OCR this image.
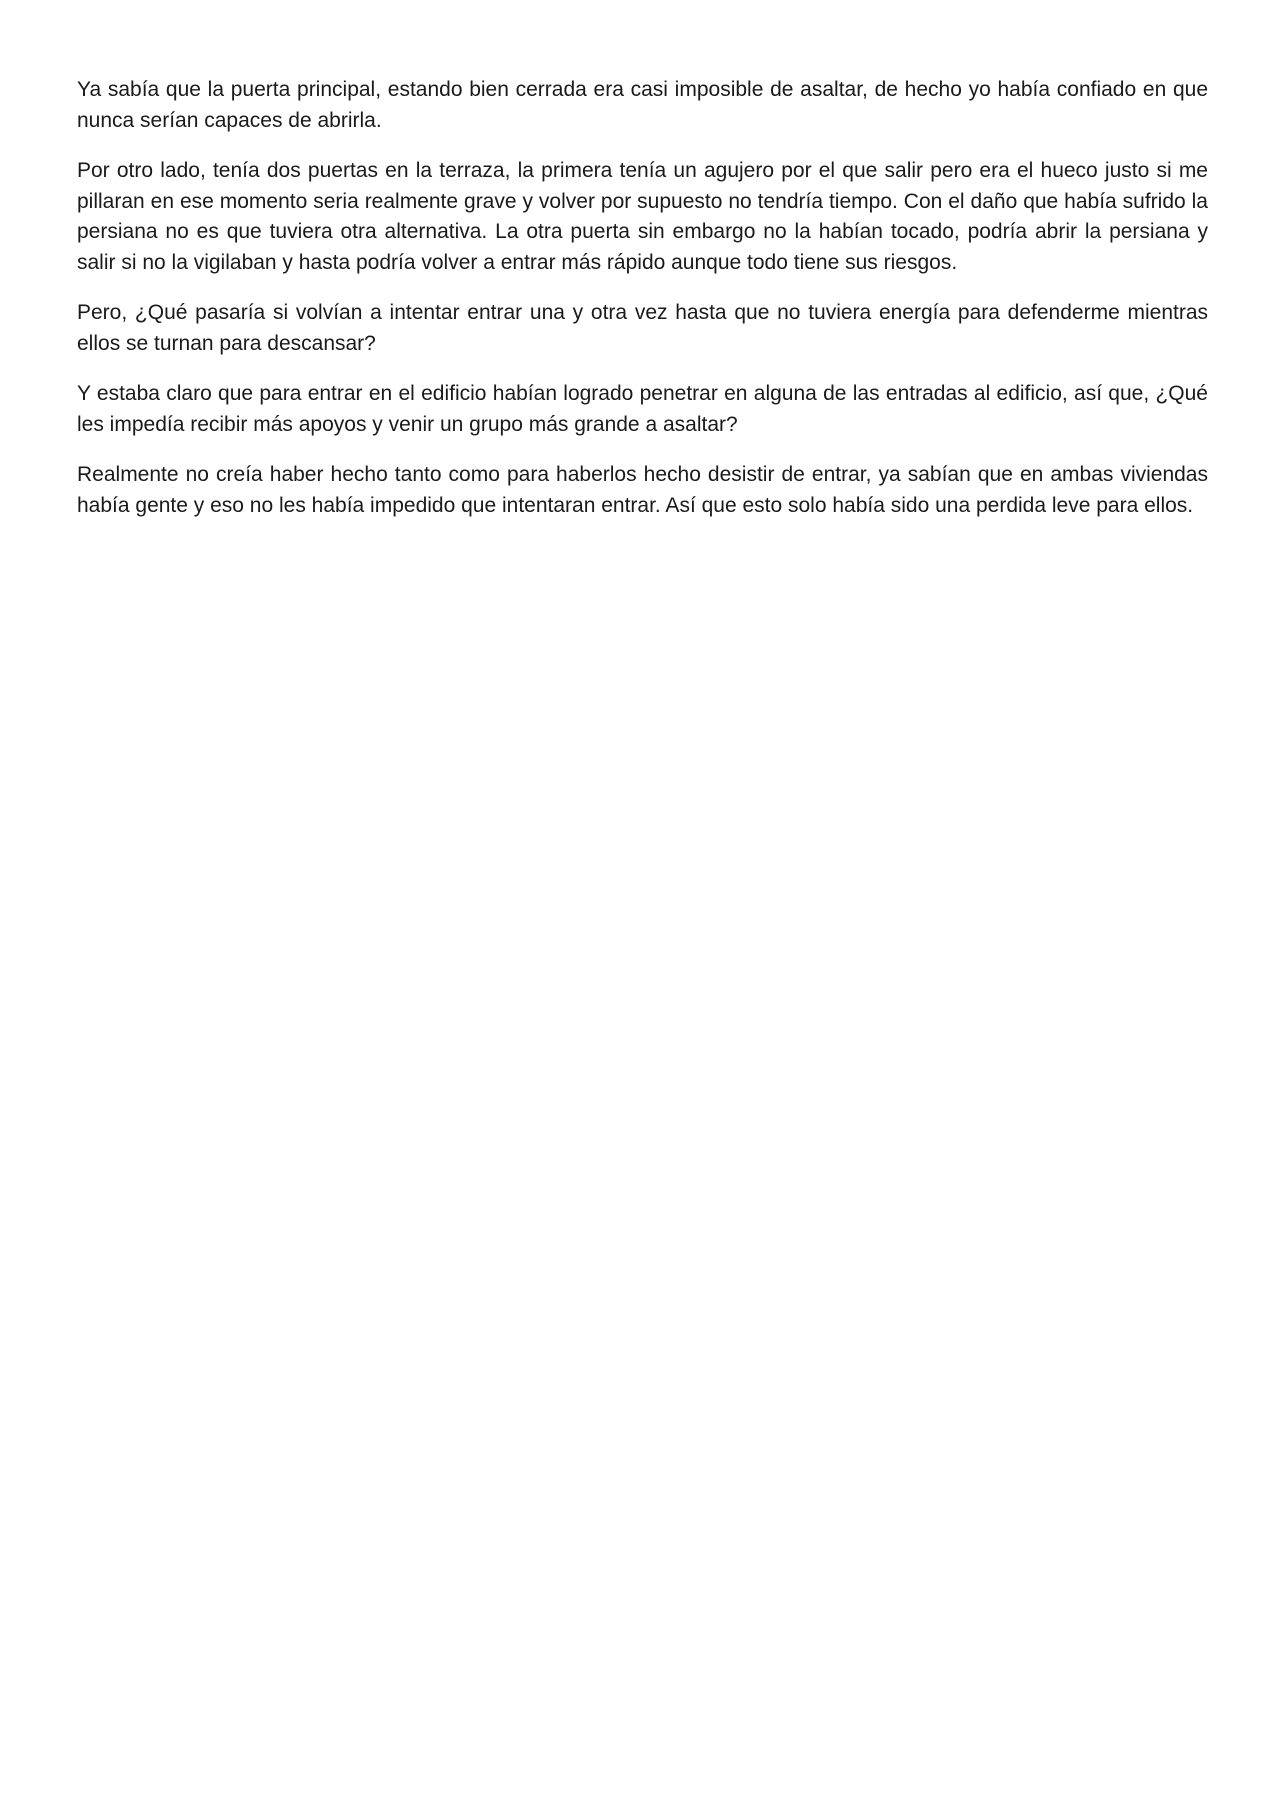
Ya sabía que la puerta principal, estando bien cerrada era casi imposible de asaltar, de hecho yo había confiado en que nunca serían capaces de abrirla.

Por otro lado, tenía dos puertas en la terraza, la primera tenía un agujero por el que salir pero era el hueco justo si me pillaran en ese momento seria realmente grave y volver por supuesto no tendría tiempo. Con el daño que había sufrido la persiana no es que tuviera otra alternativa. La otra puerta sin embargo no la habían tocado, podría abrir la persiana y salir si no la vigilaban y hasta podría volver a entrar más rápido aunque todo tiene sus riesgos.

Pero, ¿Qué pasaría si volvían a intentar entrar una y otra vez hasta que no tuviera energía para defenderme mientras ellos se turnan para descansar?

Y estaba claro que para entrar en el edificio habían logrado penetrar en alguna de las entradas al edificio, así que, ¿Qué les impedía recibir más apoyos y venir un grupo más grande a asaltar?

Realmente no creía haber hecho tanto como para haberlos hecho desistir de entrar, ya sabían que en ambas viviendas había gente y eso no les había impedido que intentaran entrar. Así que esto solo había sido una perdida leve para ellos.
